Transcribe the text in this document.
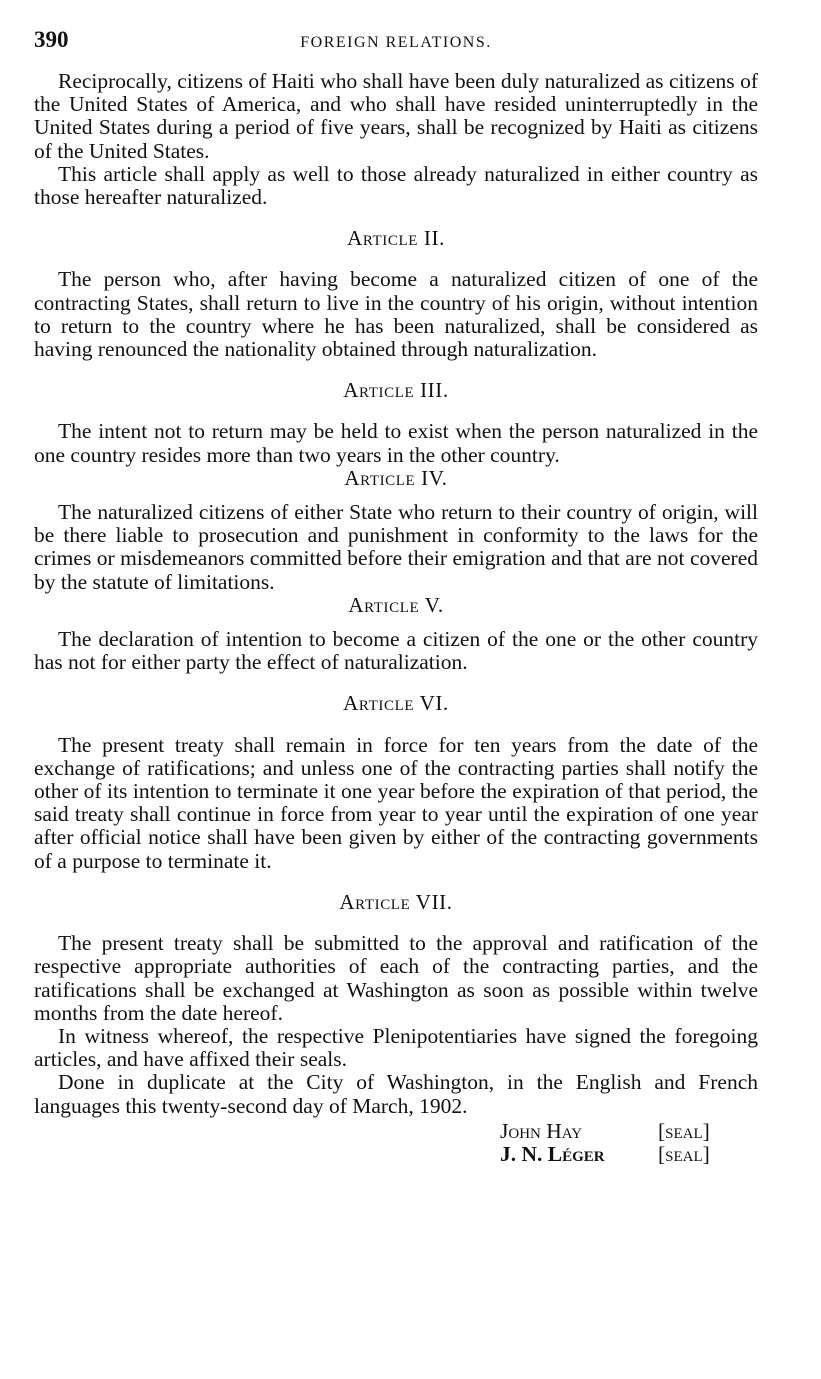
390	FOREIGN RELATIONS.

Reciprocally, citizens of Haiti who shall have been duly naturalized as citizens of the United States of America, and who shall have resided uninterruptedly in the United States during a period of five years, shall be recognized by Haiti as citizens of the United States.

This article shall apply as well to those already naturalized in either country as those hereafter naturalized.

Article II.

The person who, after having become a naturalized citizen of one of the contracting States, shall return to live in the country of his origin, without intention to return to the country where he has been naturalized, shall be considered as having renounced the nationality obtained through naturalization.

Article III.

The intent not to return may be held to exist when the person naturalized in the one country resides more than two years in the other country.

Article IV.

The naturalized citizens of either State who return to their country of origin, will be there liable to prosecution and punishment in conformity to the laws for the crimes or misdemeanors committed before their emigration and that are not covered by the statute of limitations.

Article V.

The declaration of intention to become a citizen of the one or the other country has not for either party the effect of naturalization.

Article VI.

The present treaty shall remain in force for ten years from the date of the exchange of ratifications; and unless one of the contracting parties shall notify the other of its intention to terminate it one year before the expiration of that period, the said treaty shall continue in force from year to year until the expiration of one year after official notice shall have been given by either of the contracting governments of a purpose to terminate it.

Article VII.

The present treaty shall be submitted to the approval and ratification of the respective appropriate authorities of each of the contracting parties, and the ratifications shall be exchanged at Washington as soon as possible within twelve months from the date hereof.

In witness whereof, the respective Plenipotentiaries have signed the foregoing articles, and have affixed their seals.

Done in duplicate at the City of Washington, in the English and French languages this twenty-second day of March, 1902.

John Hay	[seal]
J. N. Léger	[seal]
